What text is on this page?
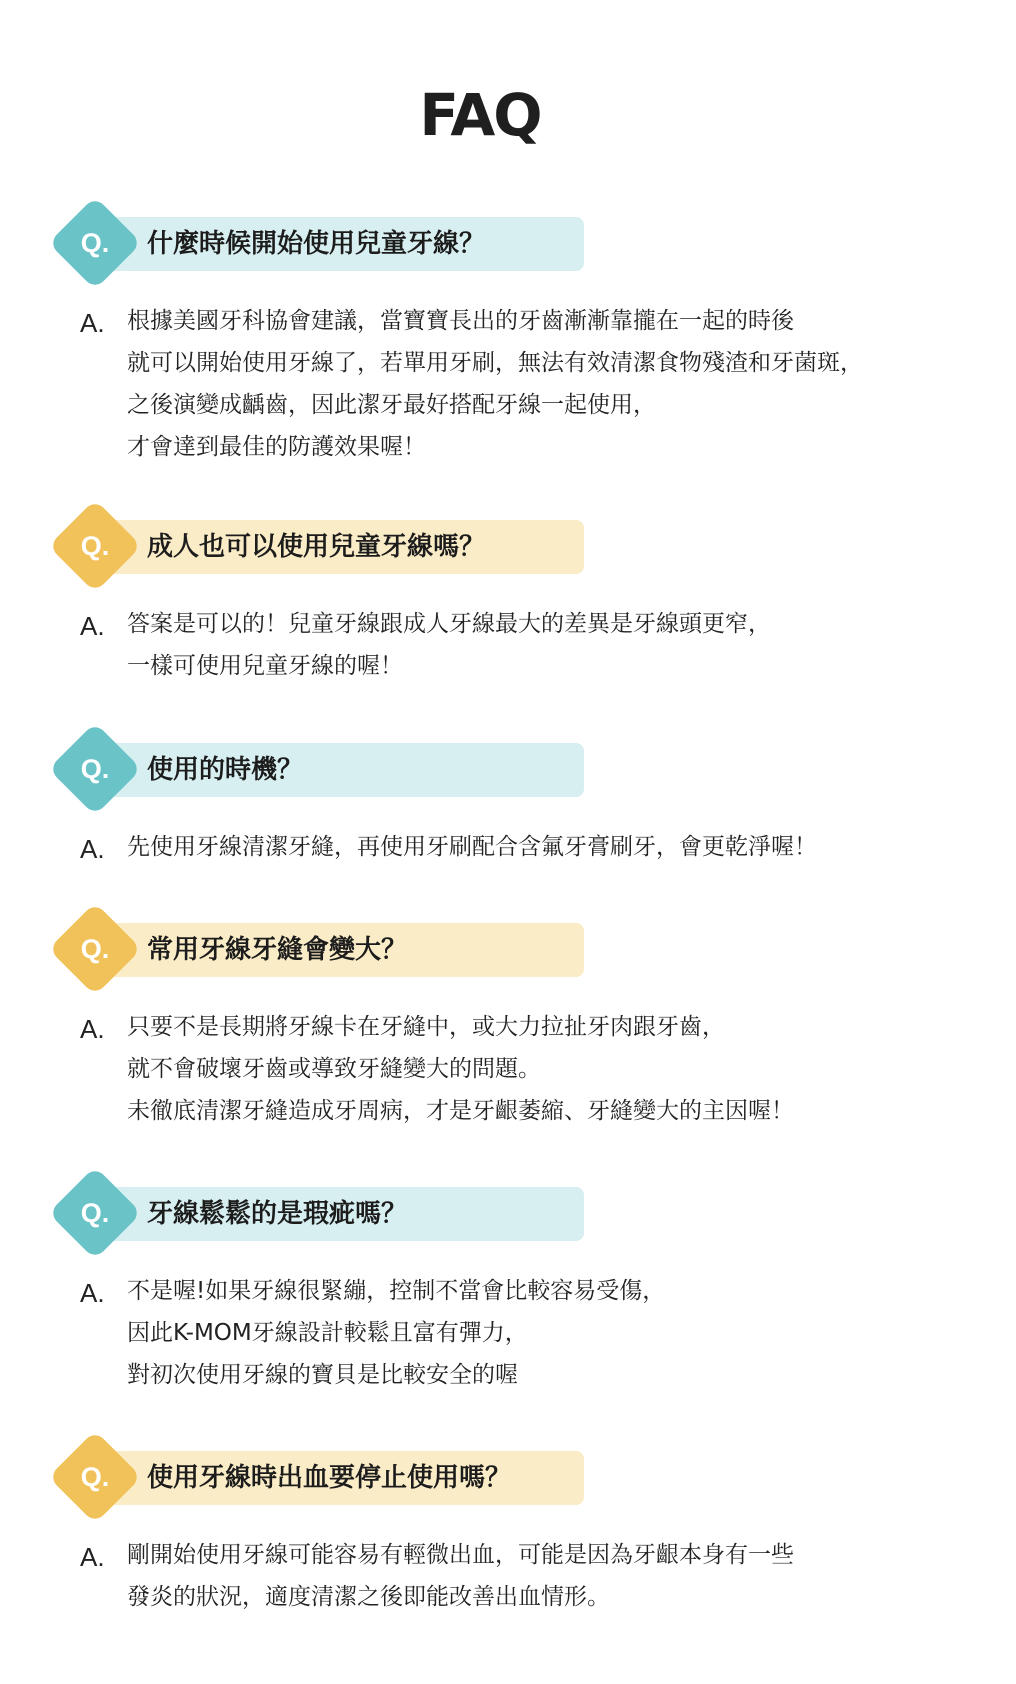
FAQ
Q.	什麼時候開始使用兒童牙線？
A. 根據美國牙科協會建議，當寶寶長出的牙齒漸漸靠攏在一起的時後
就可以開始使用牙線了，若單用牙刷，無法有效清潔食物殘渣和牙菌斑，
之後演變成齲齒，因此潔牙最好搭配牙線一起使用，
才會達到最佳的防護效果喔！
Q.	成人也可以使用兒童牙線嗎？
A. 答案是可以的！兒童牙線跟成人牙線最大的差異是牙線頭更窄，
一樣可使用兒童牙線的喔！
Q.	使用的時機？
A. 先使用牙線清潔牙縫，再使用牙刷配合含氟牙膏刷牙，會更乾淨喔！
Q.	常用牙線牙縫會變大？
A. 只要不是長期將牙線卡在牙縫中，或大力拉扯牙肉跟牙齒，
就不會破壞牙齒或導致牙縫變大的問題。
未徹底清潔牙縫造成牙周病，才是牙齦萎縮、牙縫變大的主因喔！
Q.	牙線鬆鬆的是瑕疵嗎？
A. 不是喔!如果牙線很緊繃，控制不當會比較容易受傷，
因此K-MOM牙線設計較鬆且富有彈力，
對初次使用牙線的寶貝是比較安全的喔
Q.	使用牙線時出血要停止使用嗎？
A. 剛開始使用牙線可能容易有輕微出血，可能是因為牙齦本身有一些
發炎的狀況，適度清潔之後即能改善出血情形。
